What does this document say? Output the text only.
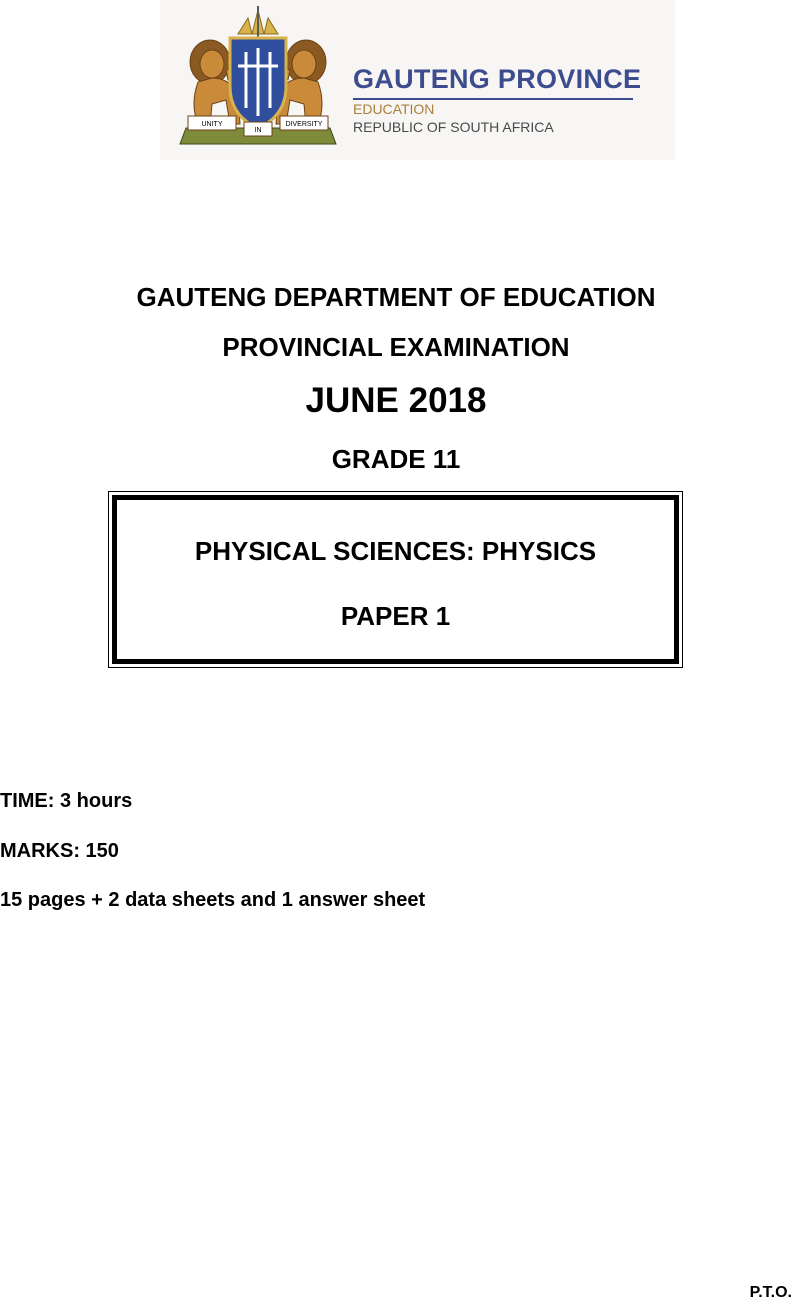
UNITY
IN
DIVERSITY
GAUTENG PROVINCE
EDUCATION
REPUBLIC OF SOUTH AFRICA
GAUTENG DEPARTMENT OF EDUCATION
PROVINCIAL EXAMINATION
JUNE 2018
GRADE 11
PHYSICAL SCIENCES: PHYSICS
PAPER 1
TIME: 3 hours
MARKS: 150
15 pages + 2 data sheets and 1 answer sheet
P.T.O.
